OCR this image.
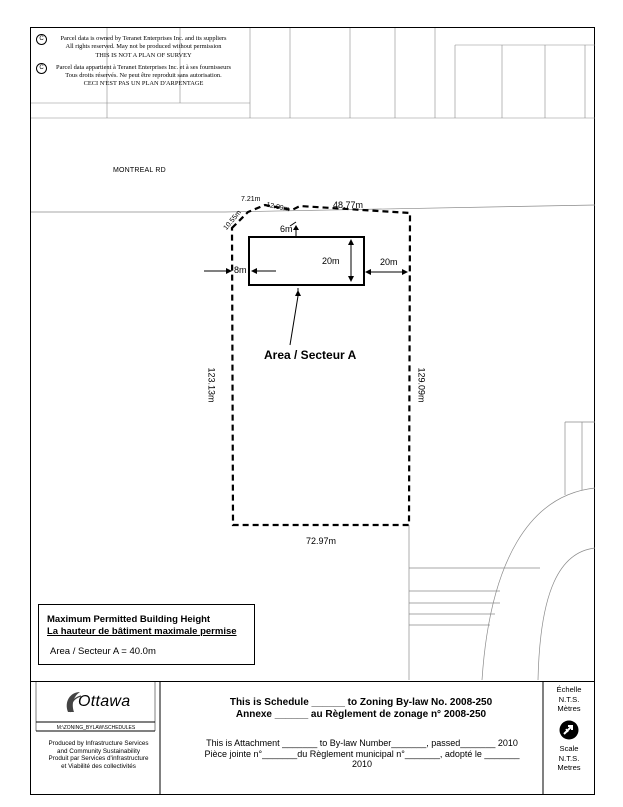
C	Parcel data is owned by Teranet Enterprises Inc. and its suppliers
All rights reserved. May not be produced without permission
THIS IS NOT A PLAN OF SURVEY
C	Parcel data appartient à Teranet Enterprises Inc. et à ses fournisseurs
Tous droits réservés. Ne peut être reproduit sans autorisation.
CECI N'EST PAS UN PLAN D'ARPENTAGE
MONTREAL RD
10.55m
7.21m
12.99m	48.77m
6m
8m
20m	20m
Area / Secteur A
123.13m	129.09m
72.97m
Maximum Permitted Building Height
La hauteur de bâtiment maximale permise
Area / Secteur A = 40.0m
Ottawa
M:\ZONING_BYLAW\SCHEDULES
Produced by Infrastructure Services
and Community Sustainability
Produit par Services d'infrastructure
et Viabilité des collectivités
This is Schedule ______ to Zoning By-law No. 2008-250
Annexe ______ au Règlement de zonage n° 2008-250
This is Attachment _______ to By-law Number_______, passed_______ 2010
Pièce jointe n°_______du Règlement municipal n°_______, adopté le _______ 2010
Échelle
N.T.S.
Mètres
Scale
N.T.S.
Metres
